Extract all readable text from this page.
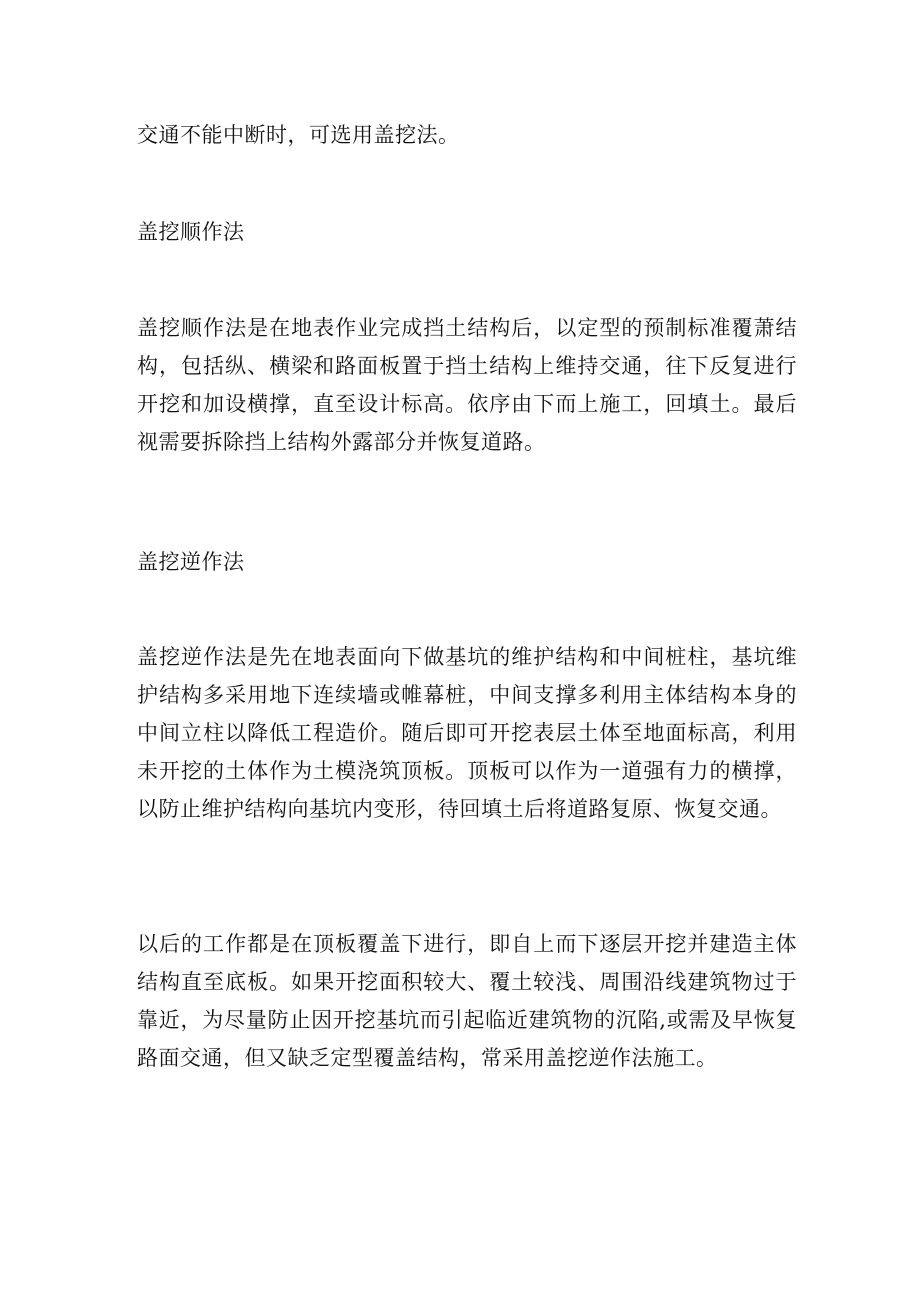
交通不能中断时，可选用盖挖法。

盖挖顺作法

盖挖顺作法是在地表作业完成挡土结构后，以定型的预制标准覆萧结
构，包括纵、横梁和路面板置于挡土结构上维持交通，往下反复进行
开挖和加设横撑，直至设计标高。依序由下而上施工，回填土。最后
视需要拆除挡上结构外露部分并恢复道路。

盖挖逆作法

盖挖逆作法是先在地表面向下做基坑的维护结构和中间桩柱，基坑维
护结构多采用地下连续墙或帷幕桩，中间支撑多利用主体结构本身的
中间立柱以降低工程造价。随后即可开挖表层土体至地面标高，利用
未开挖的土体作为土模浇筑顶板。顶板可以作为一道强有力的横撑，
以防止维护结构向基坑内变形，待回填土后将道路复原、恢复交通。

以后的工作都是在顶板覆盖下进行，即自上而下逐层开挖并建造主体
结构直至底板。如果开挖面积较大、覆土较浅、周围沿线建筑物过于
靠近，为尽量防止因开挖基坑而引起临近建筑物的沉陷,或需及早恢复
路面交通，但又缺乏定型覆盖结构，常采用盖挖逆作法施工。
